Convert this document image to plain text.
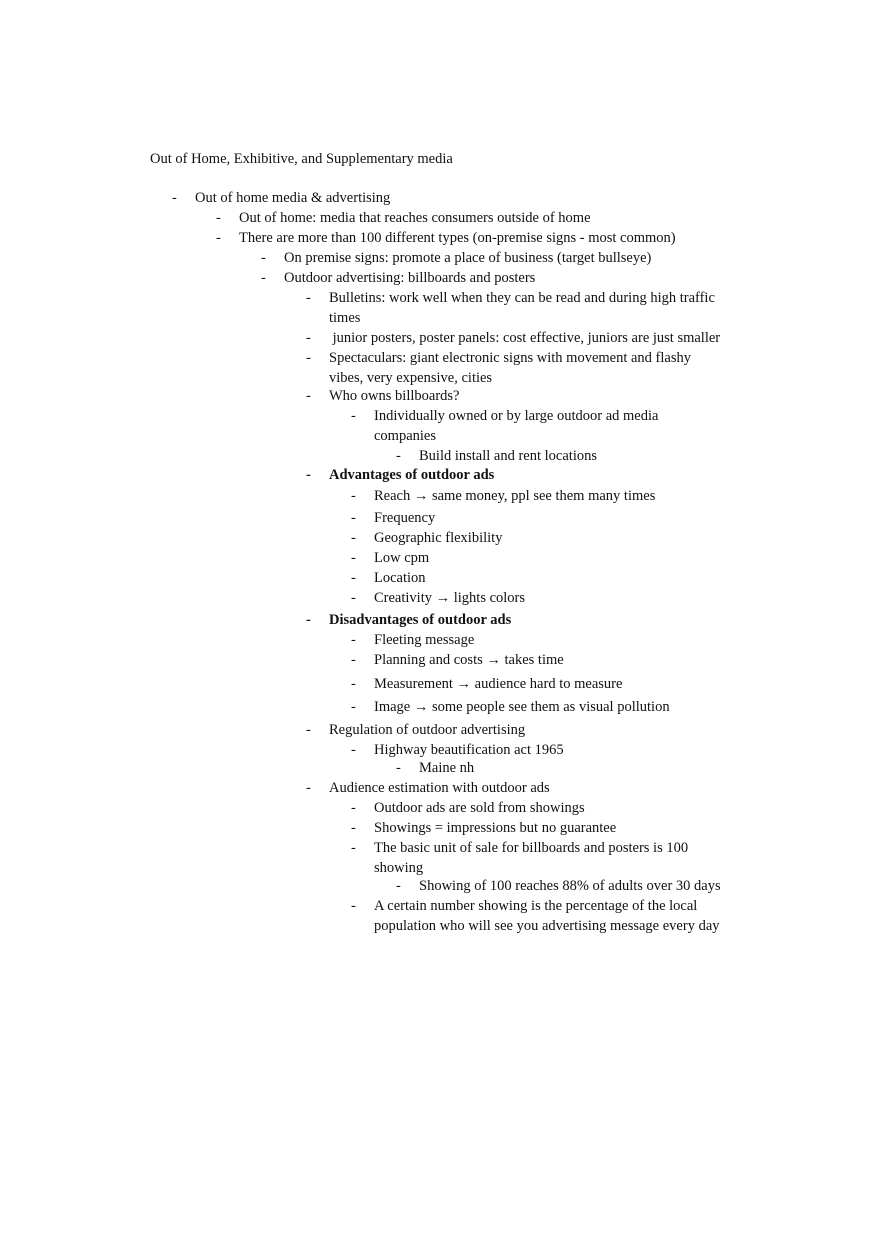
Out of Home, Exhibitive, and Supplementary media
- Out of home media & advertising
- Out of home: media that reaches consumers outside of home
- There are more than 100 different types (on-premise signs - most common)
- On premise signs: promote a place of business (target bullseye)
- Outdoor advertising: billboards and posters
- Bulletins: work well when they can be read and during high traffic
times
- junior posters, poster panels: cost effective, juniors are just smaller
- Spectaculars: giant electronic signs with movement and flashy
vibes, very expensive, cities
- Who owns billboards?
- Individually owned or by large outdoor ad media
companies
- Build install and rent locations
- Advantages of outdoor ads
- Reach → same money, ppl see them many times
- Frequency
- Geographic flexibility
- Low cpm
- Location
- Creativity → lights colors
- Disadvantages of outdoor ads
- Fleeting message
- Planning and costs → takes time
- Measurement → audience hard to measure
- Image → some people see them as visual pollution
- Regulation of outdoor advertising
- Highway beautification act 1965
- Maine nh
- Audience estimation with outdoor ads
- Outdoor ads are sold from showings
- Showings = impressions but no guarantee
- The basic unit of sale for billboards and posters is 100
showing
- Showing of 100 reaches 88% of adults over 30 days
- A certain number showing is the percentage of the local
population who will see you advertising message every day
